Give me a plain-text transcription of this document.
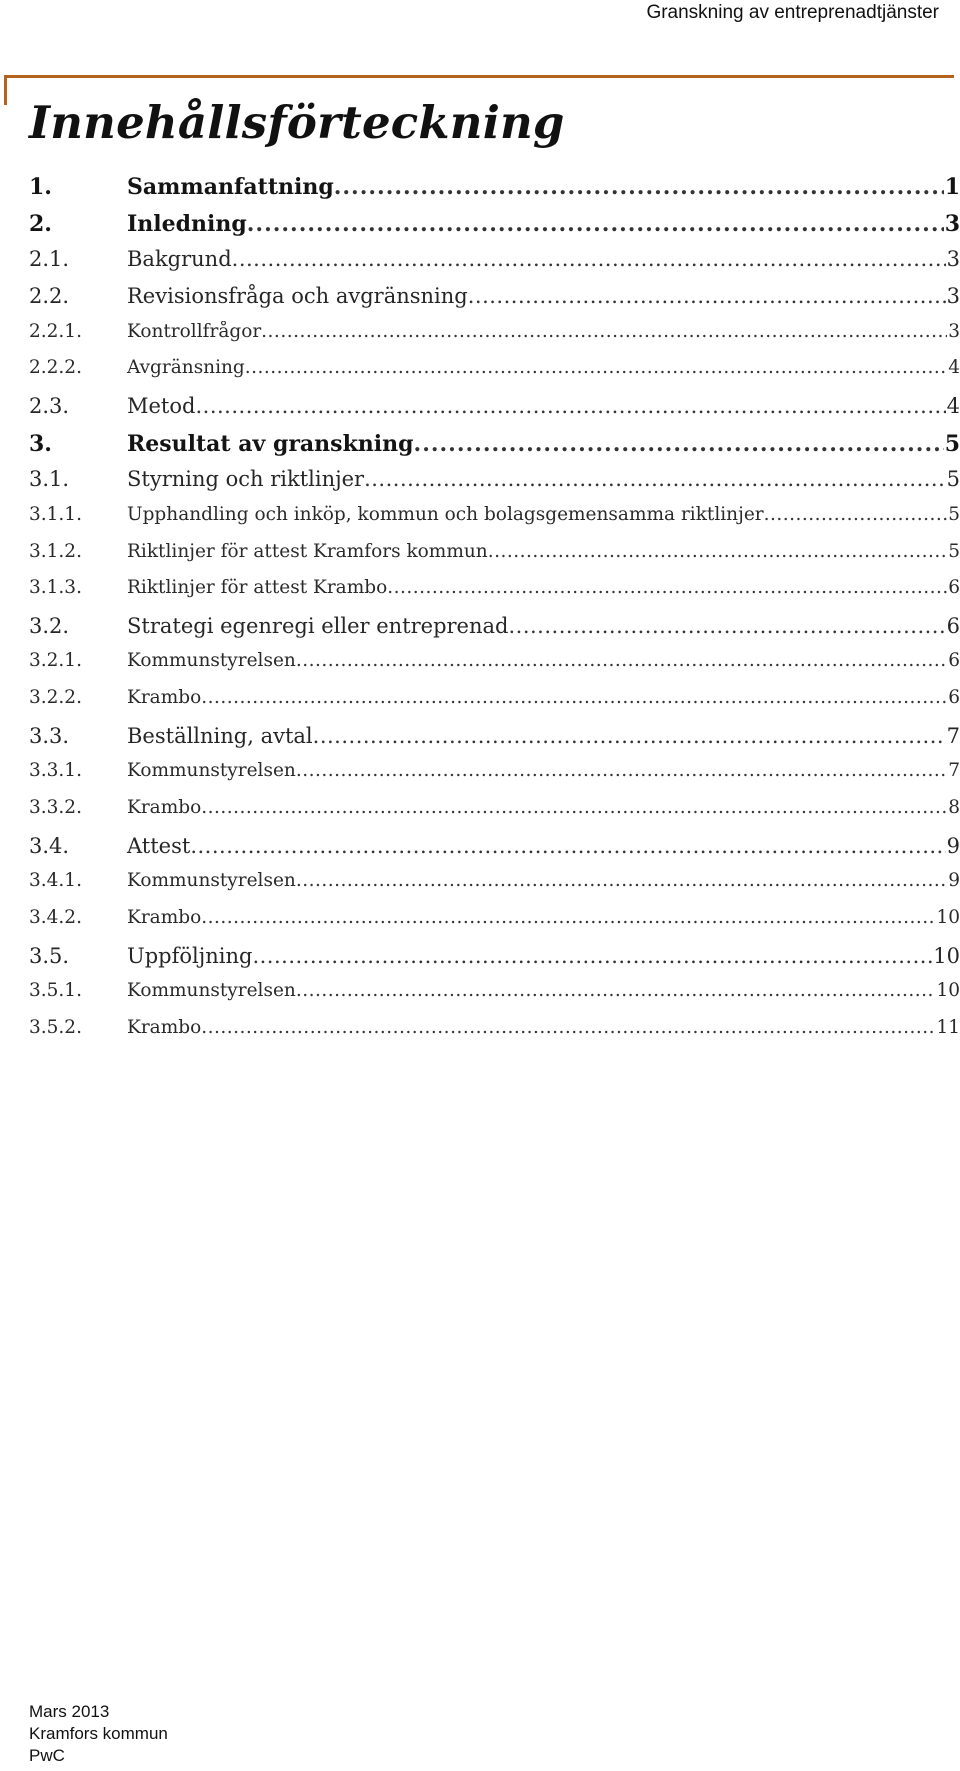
Granskning av entreprenadtjänster
Innehållsförteckning
1.	Sammanfattning .....	1
2.	Inledning .....	3
2.1.	Bakgrund .....	3
2.2.	Revisionsfråga och avgränsning .....	3
2.2.1.	Kontrollfrågor .....	3
2.2.2.	Avgränsning .....	4
2.3.	Metod .....	4
3.	Resultat av granskning .....	5
3.1.	Styrning och riktlinjer .....	5
3.1.1.	Upphandling och inköp, kommun och bolagsgemensamma riktlinjer .....	5
3.1.2.	Riktlinjer för attest Kramfors kommun .....	5
3.1.3.	Riktlinjer för attest Krambo .....	6
3.2.	Strategi egenregi eller entreprenad .....	6
3.2.1.	Kommunstyrelsen .....	6
3.2.2.	Krambo .....	6
3.3.	Beställning, avtal .....	7
3.3.1.	Kommunstyrelsen .....	7
3.3.2.	Krambo .....	8
3.4.	Attest .....	9
3.4.1.	Kommunstyrelsen .....	9
3.4.2.	Krambo .....	10
3.5.	Uppföljning .....	10
3.5.1.	Kommunstyrelsen .....	10
3.5.2.	Krambo .....	11
Mars 2013
Kramfors kommun
PwC
